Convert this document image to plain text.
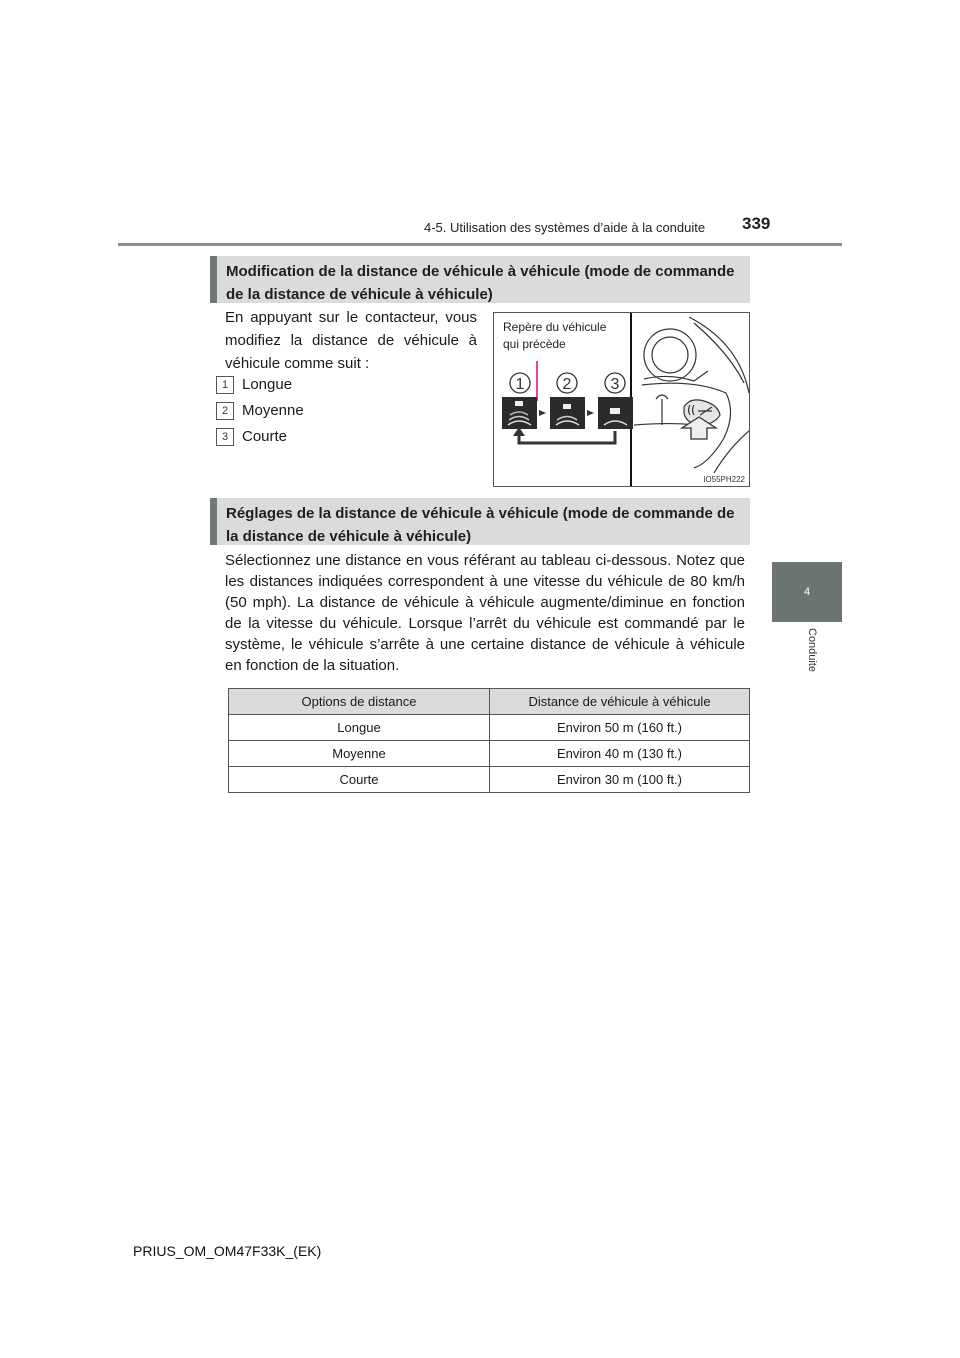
4-5. Utilisation des systèmes d’aide à la conduite 339
4
Conduite
Modification de la distance de véhicule à véhicule (mode de commande de la distance de véhicule à véhicule)
En appuyant sur le contacteur, vous modifiez la distance de véhicule à véhicule comme suit :
1 Longue
2 Moyenne
3 Courte
Repère du véhicule
qui précède
1 2 3
IO55PH222
Réglages de la distance de véhicule à véhicule (mode de commande de la distance de véhicule à véhicule)
Sélectionnez une distance en vous référant au tableau ci-dessous. Notez que les distances indiquées correspondent à une vitesse du véhicule de 80 km/h (50 mph). La distance de véhicule à véhicule augmente/diminue en fonction de la vitesse du véhicule. Lorsque l’arrêt du véhicule est commandé par le système, le véhicule s’arrête à une certaine distance de véhicule à véhicule en fonction de la situation.
Options de distance	Distance de véhicule à véhicule
Longue	Environ 50 m (160 ft.)
Moyenne	Environ 40 m (130 ft.)
Courte	Environ 30 m (100 ft.)
PRIUS_OM_OM47F33K_(EK)
